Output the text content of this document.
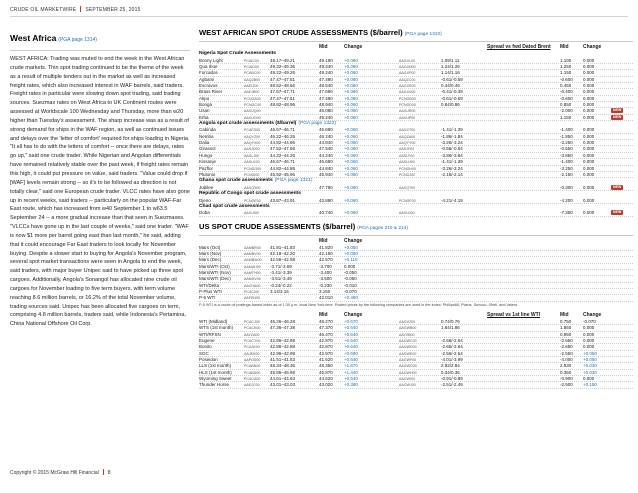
CRUDE OIL MARKETWIRE SEPTEMBER 25, 2015
West Africa (PGA page 1314)

WEST AFRICA: Trading was muted to end the week in the West African crude markets. Thin spot trading continued to be the theme of the week as a result of multiple tenders out in the market as well as increased freight rates, which also increased interest in WAF barrels, said traders. Freight rates in particular were slowing down spot trading, said trading sources. Suezmax rates on West Africa to UK Continent routes were assessed at Worldscale 100 Wednesday and Thursday, more than w20 higher than Tuesday's assessment. The sharp increase was as a result of strong demand for ships in the WAF region, as well as continued issues and delays over the 'letter of comfort' required for ships loading in Nigeria. "It all has to do with the letters of comfort -- once there are delays, rates go up," said one crude trader. While Nigerian and Angolan differentials have remained relatively stable over the past week, if freight rates remain this high, it could put pressure on value, said traders. "Value could drop if [WAF] levels remain strong -- so it's to be followed as direction is not totally clear," said one European crude trader. VLCC rates have also gone up in recent weeks, said traders -- particularly on the popular WAF-Far East route, which has increased from w40 September 1 to w63.5 September 24 -- a more gradual increase than that seen in Suezmaxes. "VLCCs have gone up in the last couple of weeks," said one trader. "WAF is now $1 more per barrel going east than last month," he said, adding that it could encourage Far East traders to look locally for November buying. Despite a slower start to buying for Angola's November program, several spot market transactions were seen in Angola to end the week, said traders, with major buyer Unipec said to have picked up three spot cargoes. Additionally, Angola's Sonangol has allocated nine crude oil cargoes for November loading to five term buyers, with term volume reaching 8.6 million barrels, or 16.2% of the total November volume, trading sources said. Unipec has been allocated five cargoes on term, comprising 4.8 million barrels, traders said, while Indonesia's Pertamina, China National Offshore Oil Corp.

WEST AFRICAN SPOT CRUDE ASSESSMENTS ($/barrel) (PGA page 1310)
Mid	Change	Spread vs fwd Dated Brent Mid	Change
Nigeria Spot Crude Assessments
Bonny Light	PCAIC00 49.17–49.21	49.190 +0.060	AAGXL00	1.09/1.11	1.100	0.000
Qua Iboe	PCAID00 49.32–49.36	49.340 +0.060	AAGXN00	1.24/1.26	1.250	0.000
Forcados	PCABC00 49.22–49.26	49.240 +0.060	AAGXP00	1.14/1.16	1.150	0.000
Agbami	AAQZB00 47.47–47.51	47.490 +0.060	AAQZC00	-0.61/-0.59	-0.600 0.000
Escravos	AAEIZ00	48.52–48.56	48.540 +0.060	AAGXR00	0.44/0.46	0.450	0.000
Brass River	AAEJB00 47.67–47.71	47.690 +0.060	AAGXV00	-0.41/-0.39	-0.400 0.000
Akpo	PCNGA00 47.47–47.51	47.490 +0.060	PCNGB00	-0.61/-0.59	-0.600 0.000
Bonga	PCNGC00 48.92–48.96	48.940 +0.060	PCNGD00	0.84/0.86	0.850	0.000
Usan	AAXUQ00	46.080 +0.060	AAXUR00	-2.000 0.000	NEW
Erha	AAXUO00	49.240 +0.060	AAXUP00	1.150	0.000	NEW
Angola spot crude assessments ($/barrel) (PGA page 1322)
Cabinda	PCAFD00 46.67–46.71	46.690 +0.060	AAGXT00	-1.41/-1.39	-1.400 0.000
Nemba	AAQYZ00 46.22–46.26	46.240 +0.060	AAQZA00	-1.86/-1.84	-1.850 0.000
Dalia	AAQYX00 44.82–44.86	44.840 +0.060	AAQYY00	-3.26/-3.24	-3.250 0.000
Girassol	AASJD00 47.52–47.56	47.540 +0.060	AASJF00	-0.56/-0.54	-0.550 0.000
Hungo	AASLJ00 44.22–44.26	44.240 +0.060	AASLF00	-3.86/-3.84	-3.850 0.000
Kissanje	AASLK00 46.67–46.71	46.690 +0.060	AASLH00	-1.41/-1.39	-1.400 0.000
Pazflor	PCNGG00 44.82–44.86	44.840 +0.060	PCNGH00	-3.26/-3.24	-3.250 0.000
Plutonio	PCNGI00 45.92–45.96	45.940 +0.060	PCNGJ00	-2.16/-2.14	-2.150 0.000
Ghana spot crude assessments (PGA page 1321)
Jubilee	AAXQS00	47.790 +0.060	AAXQT00	-0.300 0.000	NEW
Republic of Congo spot crude assessments
Djeno	PCNGE00 43.87–43.91	43.890 +0.060	PCNGF00	-4.21/-4.19	-4.200 0.000
Chad spot crude assessments
Doba	AAXUI00	40.740 +0.060	AAXUJ00	-7.350 0.000	NEW
US SPOT CRUDE ASSESSMENTS ($/barrel) (PGA pages 210 & 214)
Mid	Change
Mars (Oct)	AAMBR00 41.81–41.83	41.820 +0.050
Mars (Nov)	AAMBV00 42.18–42.20	42.190 +0.050
Mars (Dec)	AAMBW00 42.56–42.58	42.570 +0.110
Mars/WTI (Oct)	AAMAH00 -3.71/-3.69	-3.700	0.000
Mars/WTI (Nov)	AAMTH00 -3.41/-3.39	-3.400	-0.050
Mars/WTI (Dec)	AAMHV00 -3.51/-3.49	-3.500	-0.050
WTI/Delta	AACHA00 -0.24/-0.22	-0.230	-0.010
P-Plus WTI	PCACI00 3.14/3.16	3.150	-0.070
P-5 WTI	AAFEN00	42.010 +0.480
P-5 WTI is a crude oil postings-based index as of 1:30 p.m. local New York time. Posted prices by the following companies are used in the index: Phillips66, Plains, Sunoco, Shell, and Valero.
Mid	Change	Spread vs 1st line WTI	Mid	Change
WTI (Midland)	PCACJ00 46.26–46.28	46.270 +0.670	AAGVZ00	0.74/0.76	0.750	-0.070
WTS (1st month)	PCACK00 47.36–47.38	47.370 +0.640	AAGWB00	1.84/1.86	1.850	0.000
WTI/RFSN	AAYZA00	46.470 +0.640	AAYZB00	0.950	0.000
Eugene	PCACY00 42.86–42.88	42.870 +0.640	AAGWC00	-2.66/-2.64	-2.650 0.000
Bonito	PCAJK00 42.86–42.88	42.870 +0.640	AAGWD00	-2.66/-2.64	-2.650 0.000
SGC	AAJEK00 42.96–42.98	42.970 +0.690	AAGWE00	-2.56/-2.54	-2.550 +0.050
Poseidon	AAPDD00 41.51–41.53	41.520 +0.640	AAGWF00	-4.01/-3.99	-4.000 +0.050
LLS (1st month)	PCABN00 48.34–48.36	48.350 +1.670	AAGWG00	2.82/2.84	2.830	+0.030
HLS (1st month)	PCABD00 45.86–45.88	45.870 +1.440	AAGWH00	0.34/0.36	0.350	+0.030
Wyoming Sweet	PCACA00 44.61–44.63	44.620 +0.640	AAGWI00	-0.91/-0.89	-0.900 0.000
Thunder Horse	AAEJC00 43.01–43.03	43.020 +0.380	AAGWJ00	-2.51/-2.49	-2.500 +0.150
Copyright © 2015 McGraw Hill Financial 8
